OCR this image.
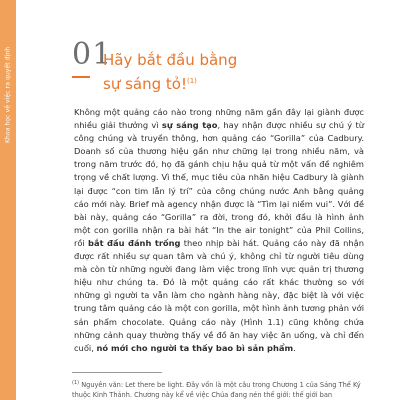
Khoa học về việc ra quyết định 01
Hãy bắt đầu bằng
sự sáng tỏ!$^{(1)}$

Không một quảng cáo nào trong những năm gần đây lại giành được nhiều giải thưởng vì sự sáng tạo, hay nhận được nhiều sự chú ý từ công chúng và truyền thông, hơn quảng cáo “Gorilla” của Cadbury. Doanh số của thương hiệu gần như chững lại trong nhiều năm, và trong năm trước đó, họ đã gánh chịu hậu quả từ một vấn đề nghiêm trọng về chất lượng. Vì thế, mục tiêu của nhãn hiệu Cadbury là giành lại được “con tim lẫn lý trí” của công chúng nước Anh bằng quảng cáo mới này. Brief mà agency nhận được là “Tìm lại niềm vui”. Với đề bài này, quảng cáo “Gorilla” ra đời, trong đó, khởi đầu là hình ảnh một con gorilla nhận ra bài hát “In the air tonight” của Phil Collins, rồi bắt đầu đánh trống theo nhịp bài hát. Quảng cáo này đã nhận được rất nhiều sự quan tâm và chú ý, không chỉ từ người tiêu dùng mà còn từ những người đang làm việc trong lĩnh vực quản trị thương hiệu như chúng ta. Đó là một quảng cáo rất khác thường so với những gì người ta vẫn làm cho ngành hàng này, đặc biệt là với việc trung tâm quảng cáo là một con gorilla, một hình ảnh tương phản với sản phẩm chocolate. Quảng cáo này (Hình 1.1) cũng không chứa những cảnh quay thường thấy về đồ ăn hay việc ăn uống, và chỉ đến cuối, nó mới cho người ta thấy bao bì sản phẩm.

$^{(1)}$ Nguyên văn: Let there be light. Đây vốn là một câu trong Chương 1 của Sáng Thế Ký thuộc Kinh Thánh. Chương này kể về việc Chúa đang nén thế giới: thế giới ban
